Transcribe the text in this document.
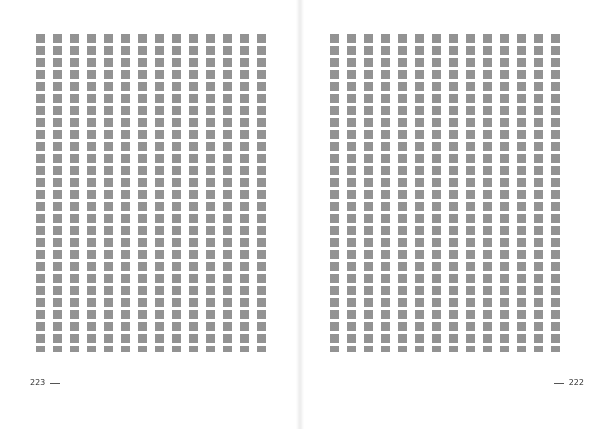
223	222
